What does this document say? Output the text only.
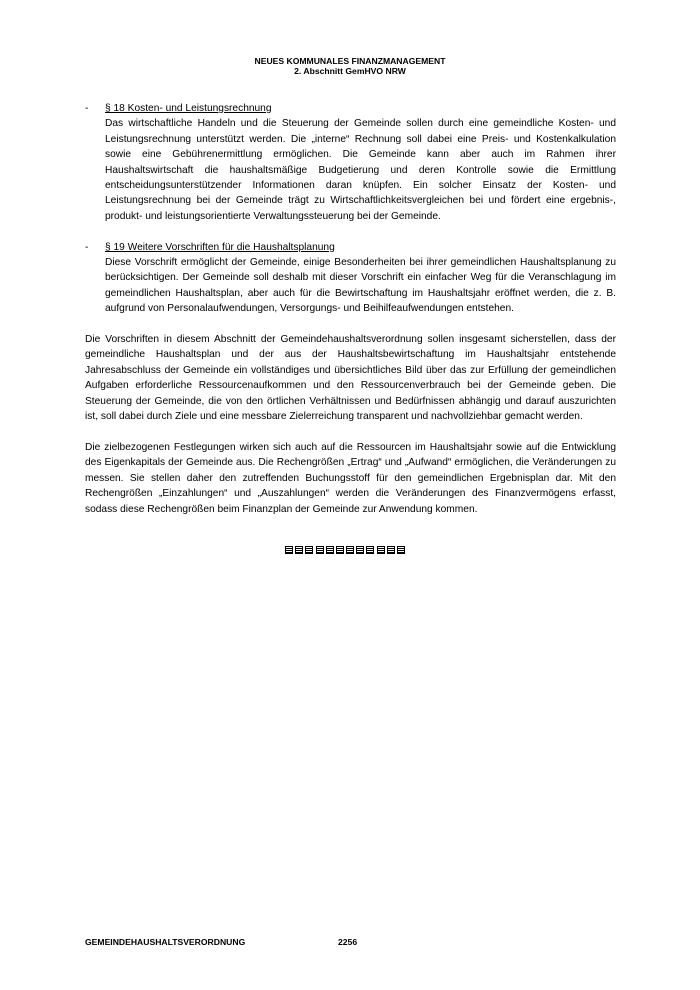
NEUES KOMMUNALES FINANZMANAGEMENT
2. Abschnitt GemHVO NRW
- § 18 Kosten- und Leistungsrechnung
Das wirtschaftliche Handeln und die Steuerung der Gemeinde sollen durch eine gemeindliche Kosten- und Leistungsrechnung unterstützt werden. Die „interne“ Rechnung soll dabei eine Preis- und Kostenkalkulation sowie eine Gebührenermittlung ermöglichen. Die Gemeinde kann aber auch im Rahmen ihrer Haushaltswirtschaft die haushaltsmäßige Budgetierung und deren Kontrolle sowie die Ermittlung entscheidungsunterstützender Informationen daran knüpfen. Ein solcher Einsatz der Kosten- und Leistungsrechnung bei der Gemeinde trägt zu Wirtschaftlichkeitsvergleichen bei und fördert eine ergebnis-, produkt- und leistungsorientierte Verwaltungssteuerung bei der Gemeinde.
- § 19 Weitere Vorschriften für die Haushaltsplanung
Diese Vorschrift ermöglicht der Gemeinde, einige Besonderheiten bei ihrer gemeindlichen Haushaltsplanung zu berücksichtigen. Der Gemeinde soll deshalb mit dieser Vorschrift ein einfacher Weg für die Veranschlagung im gemeindlichen Haushaltsplan, aber auch für die Bewirtschaftung im Haushaltsjahr eröffnet werden, die z. B. aufgrund von Personalaufwendungen, Versorgungs- und Beihilfeaufwendungen entstehen.

Die Vorschriften in diesem Abschnitt der Gemeindehaushaltsverordnung sollen insgesamt sicherstellen, dass der gemeindliche Haushaltsplan und der aus der Haushaltsbewirtschaftung im Haushaltsjahr entstehende Jahresabschluss der Gemeinde ein vollständiges und übersichtliches Bild über das zur Erfüllung der gemeindlichen Aufgaben erforderliche Ressourcenaufkommen und den Ressourcenverbrauch bei der Gemeinde geben. Die Steuerung der Gemeinde, die von den örtlichen Verhältnissen und Bedürfnissen abhängig und darauf auszurichten ist, soll dabei durch Ziele und eine messbare Zielerreichung transparent und nachvollziehbar gemacht werden.

Die zielbezogenen Festlegungen wirken sich auch auf die Ressourcen im Haushaltsjahr sowie auf die Entwicklung des Eigenkapitals der Gemeinde aus. Die Rechengrößen „Ertrag“ und „Aufwand“ ermöglichen, die Veränderungen zu messen. Sie stellen daher den zutreffenden Buchungsstoff für den gemeindlichen Ergebnisplan dar. Mit den Rechengrößen „Einzahlungen“ und „Auszahlungen“ werden die Veränderungen des Finanzvermögens erfasst, sodass diese Rechengrößen beim Finanzplan der Gemeinde zur Anwendung kommen.

GEMEINDEHAUSHALTSVERORDNUNG	2256
